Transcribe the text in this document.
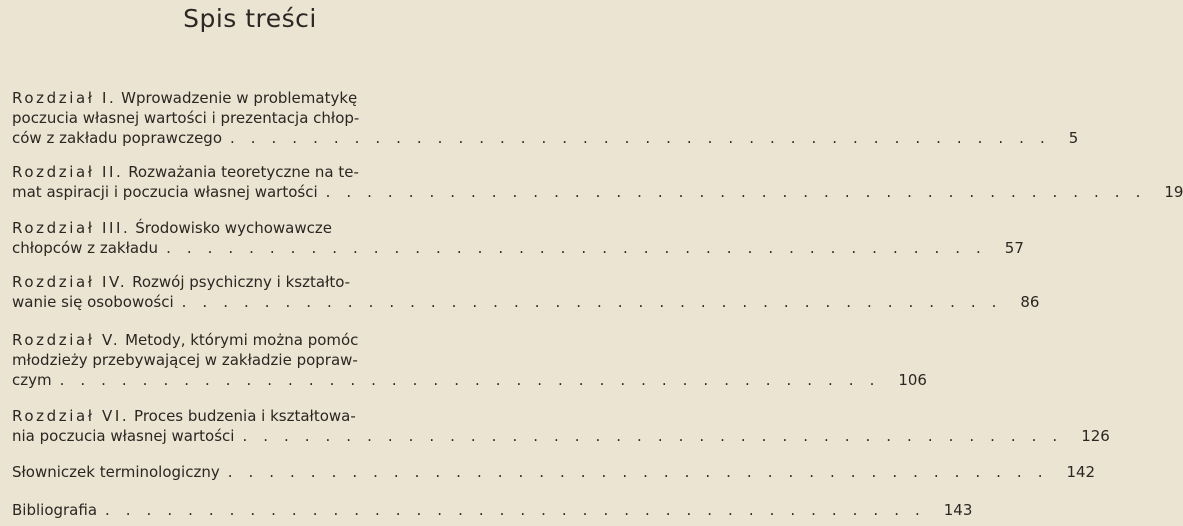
Spis treści
Rozdział I. Wprowadzenie w problematykę
poczucia własnej wartości i prezentacja chłop-
ców z zakładu poprawczego ........................................ 5
Rozdział II. Rozważania teoretyczne na te-
mat aspiracji i poczucia własnej wartości ........................................ 19
Rozdział III. Środowisko wychowawcze
chłopców z zakładu ........................................ 57
Rozdział IV. Rozwój psychiczny i kształto-
wanie się osobowości ........................................ 86
Rozdział V. Metody, którymi można pomóc
młodzieży przebywającej w zakładzie popraw-
czym ........................................ 106
Rozdział VI. Proces budzenia i kształtowa-
nia poczucia własnej wartości ........................................ 126
Słowniczek terminologiczny ........................................ 142
Bibliografia ........................................ 143
